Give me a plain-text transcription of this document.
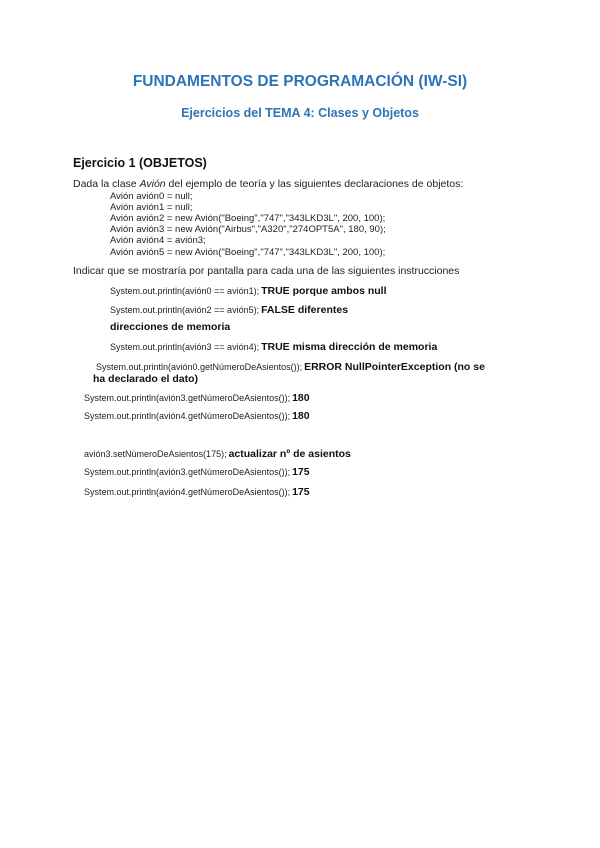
FUNDAMENTOS DE PROGRAMACIÓN (IW-SI)
Ejercicios del TEMA 4: Clases y Objetos
Ejercicio 1 (OBJETOS)
Dada la clase Avión del ejemplo de teoría y las siguientes declaraciones de objetos:
Avión avión0 = null;
Avión avión1 = null;
Avión avión2 = new Avión("Boeing","747","343LKD3L", 200, 100);
Avión avión3 = new Avión("Airbus","A320","274OPT5A", 180, 90);
Avión avión4 = avión3;
Avión avión5 = new Avión("Boeing","747","343LKD3L", 200, 100);
Indicar que se mostraría por pantalla para cada una de las siguientes instrucciones
System.out.println(avión0 == avión1); TRUE porque ambos null
System.out.println(avión2 == avión5); FALSE diferentes
direcciones de memoria
System.out.println(avión3 == avión4); TRUE misma dirección de memoria
System.out.println(avión0.getNúmeroDeAsientos()); ERROR NullPointerException (no se
ha declarado el dato)
System.out.println(avión3.getNúmeroDeAsientos()); 180
System.out.println(avión4.getNúmeroDeAsientos()); 180
avión3.setNúmeroDeAsientos(175); actualizar nº de asientos
System.out.println(avión3.getNúmeroDeAsientos()); 175
System.out.println(avión4.getNúmeroDeAsientos()); 175
